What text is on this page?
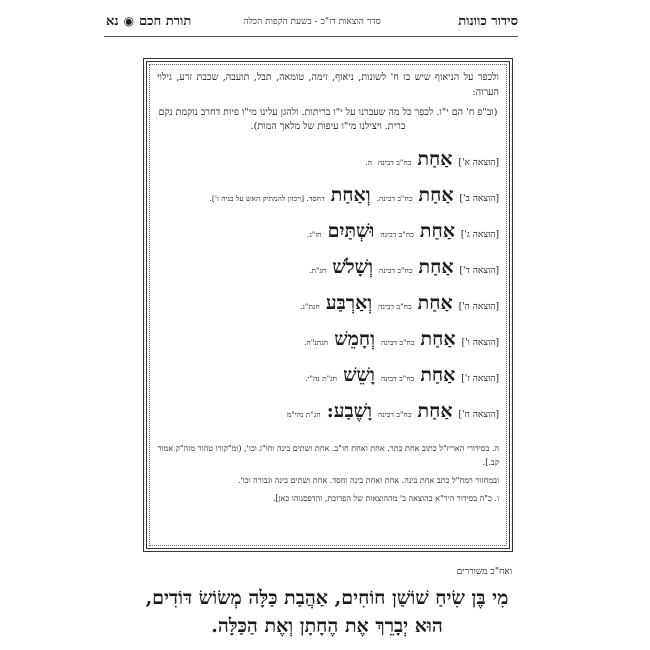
סידור כוונות
סדר הוצאות דו"כ - בשעת הקפות הכלה
תורת חכם
◉
נא
ולכפר על הניאוף שיש בו ח' לשונות, ניאוף, זימה, טומאה, תבל, תועבה, שכבת זרע, גילוי הערוה:
(וב"פ ח' הם י"ו. לכפר כל מה שעברנו על י"ו בריתות. ולהגן עלינו מי"ו פיות דחרב נוקמת נקם ברית. ויצילנו מי"ו עיפות של מלאך המות).
[הוצאה א']
אַחַת
כח"ב דבינה
ה.
[הוצאה ב']
אַחַת
כח"ב דבינה.
וְאַחַת
דחסד. [ויכוון להמתיק האש על בניה ו'].
[הוצאה ג']
אַחַת
כח"ב דבינה
וּשְׁתַּיִם
חו"ג.
[הוצאה ד']
אַחַת
כח"ב דבינה
וְשָׁלֹשׁ
חג"ת.
[הוצאה ה']
אַחַת
כח"ב דבינה
וְאַרְבַּע
חגת"נ.
[הוצאה ו']
אַחַת
כח"ב דבינה
וְחָמֵשׁ
חגתנ"ה.
[הוצאה ז']
אַחַת
כח"ב דבינה
וָשֵׁשׁ
חג"ת נה"י.
[הוצאה ח']
אַחַת
כח"ב דבינה
וָשֶׁבַע:
חג"ת נהי"מ
ה. בסידורי האריז"ל כתוב אחת כתר. אחת ואחת חו"ב. אחת ושתים בינה וחו"ג וכו', (ומ"קורו טהור מזה"ק אמור קב.].
ובמחזור רמח"ל כתב אחת בינה. אחת ואחת בינה וחסד. אחת ושתים בינה וגבורה וכו'.
ו. כ"ה בסידור היר"א בהוצאה ב' מההוצאות של הפרוכת, והדפסנוהו כאן].
ואח"כ משוררים
מִי בֶּן שִׂיחַ שׁוֹשַׁן חוֹחִים, אַהֲבַת כַּלָּה מְשׂוֹשׂ דּוֹדִים, הוּא יְבָרֵךְ אֶת הֶחָתָן וְאֶת הַכַּלָּה.
